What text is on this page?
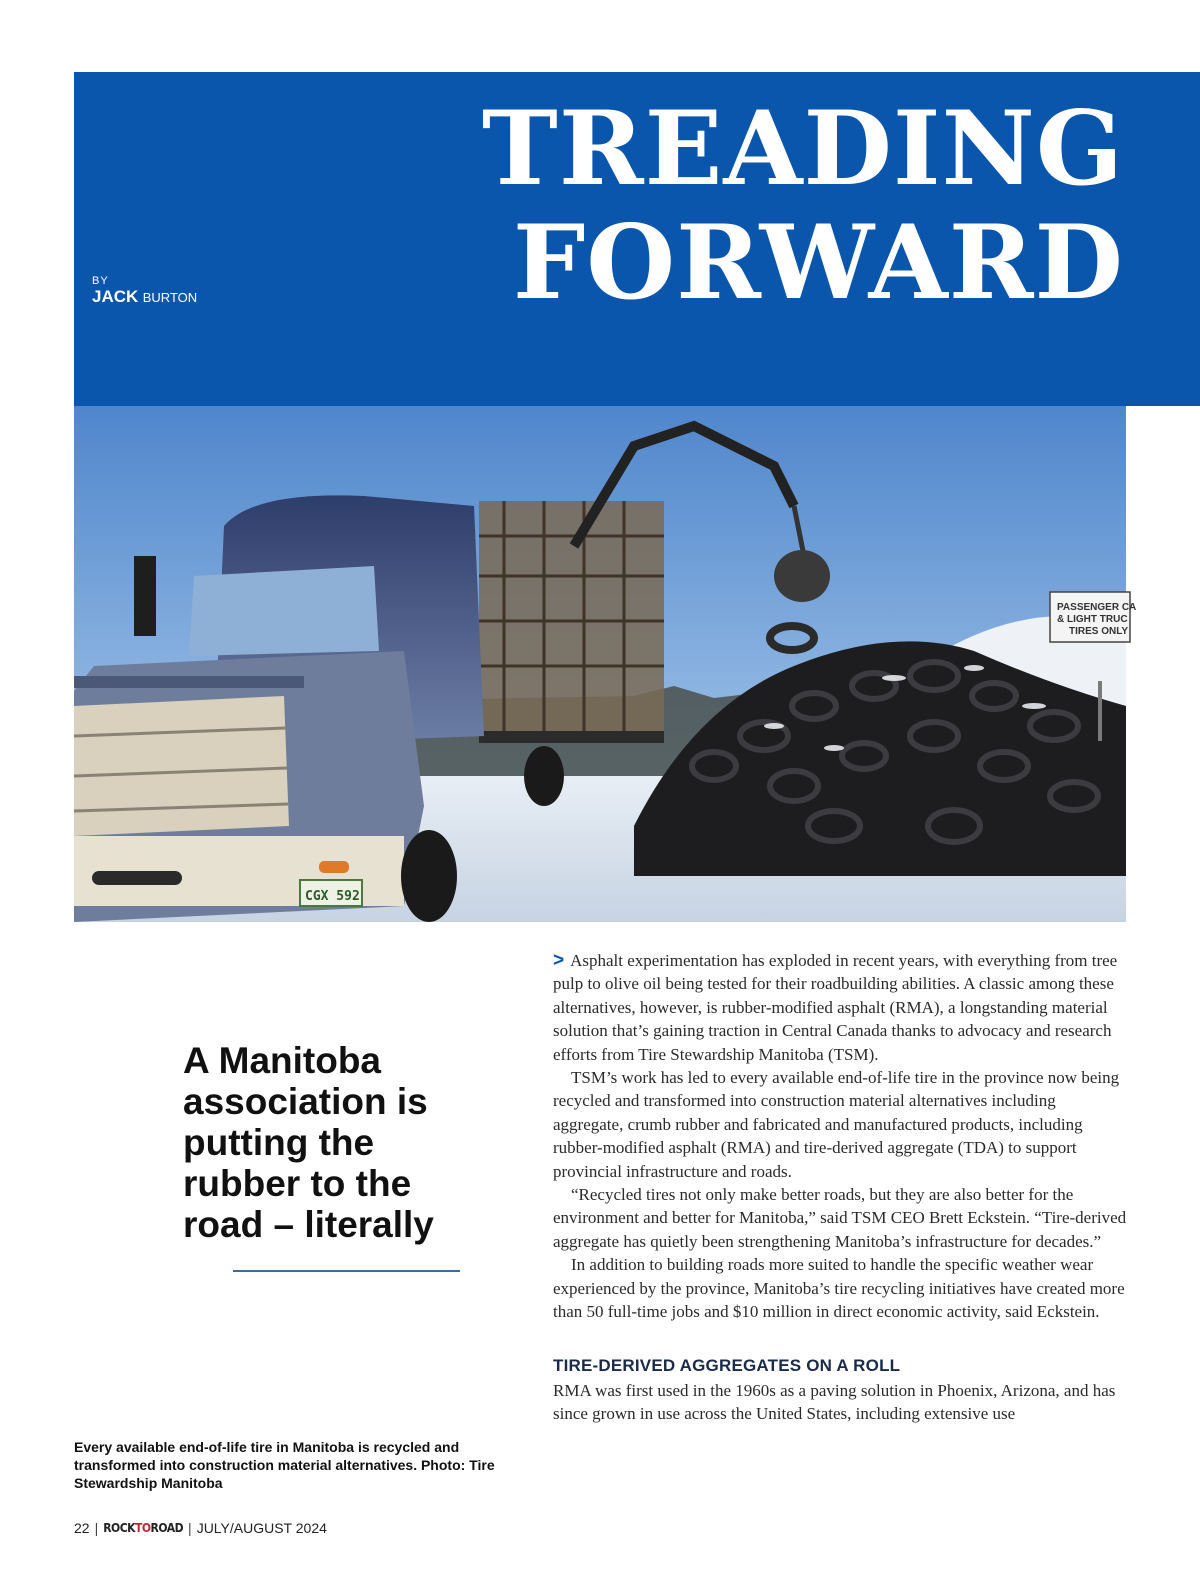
TREADING
FORWARD
BY
JACK BURTON
PASSENGER CA
& LIGHT TRUC
TIRES ONLY
CGX 592
A Manitoba association is putting the rubber to the road – literally

> Asphalt experimentation has exploded in recent years, with everything from tree pulp to olive oil being tested for their roadbuilding abilities. A classic among these alternatives, however, is rubber-modified asphalt (RMA), a longstanding material solution that’s gaining traction in Central Canada thanks to advocacy and research efforts from Tire Stewardship Manitoba (TSM).

TSM’s work has led to every available end-of-life tire in the province now being recycled and transformed into construction material alternatives including aggregate, crumb rubber and fabricated and manufactured products, including rubber-modified asphalt (RMA) and tire-derived aggregate (TDA) to support provincial infrastructure and roads.

“Recycled tires not only make better roads, but they are also better for the environment and better for Manitoba,” said TSM CEO Brett Eckstein. “Tire-derived aggregate has quietly been strengthening Manitoba’s infrastructure for decades.”

In addition to building roads more suited to handle the specific weather wear experienced by the province, Manitoba’s tire recycling initiatives have created more than 50 full-time jobs and $10 million in direct economic activity, said Eckstein.

TIRE-DERIVED AGGREGATES ON A ROLL

RMA was first used in the 1960s as a paving solution in Phoenix, Arizona, and has since grown in use across the United States, including extensive use

Every available end-of-life tire in Manitoba is recycled and transformed into construction material alternatives. Photo: Tire Stewardship Manitoba
22 | ROCKTOROAD | JULY/AUGUST 2024
